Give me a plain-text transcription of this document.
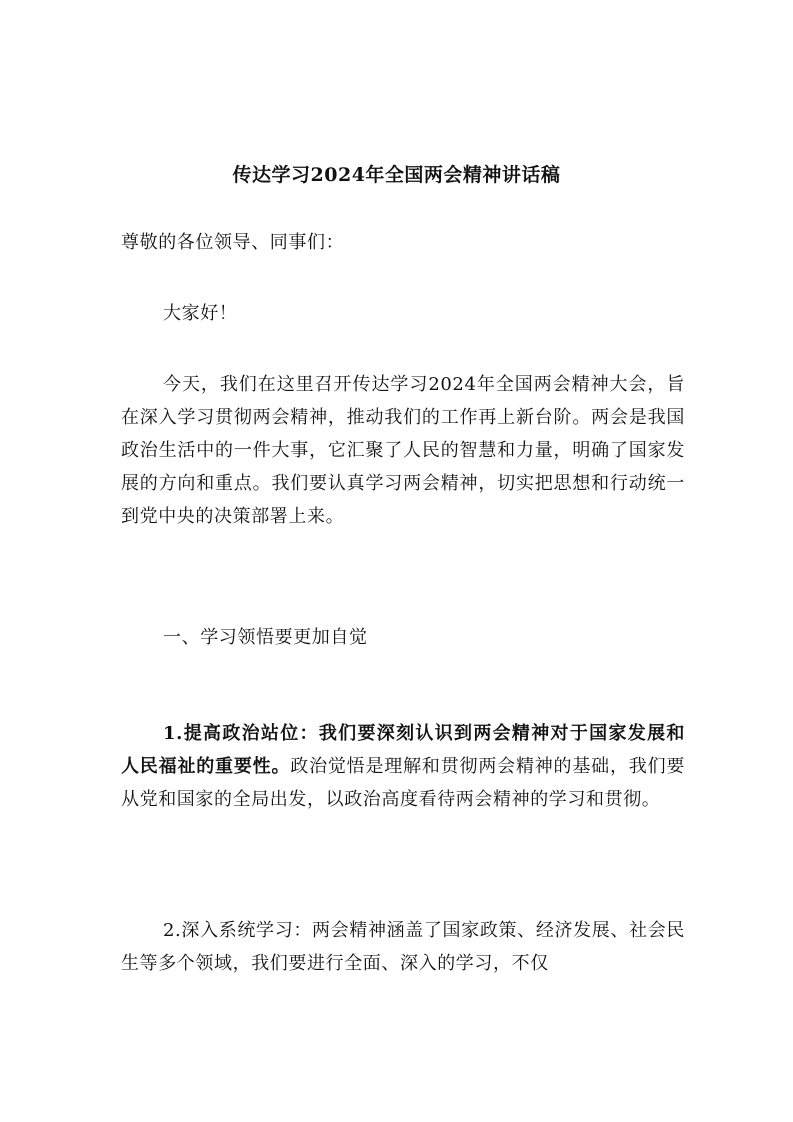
传达学习2024年全国两会精神讲话稿

尊敬的各位领导、同事们：

大家好！

今天，我们在这里召开传达学习2024年全国两会精神大会，旨在深入学习贯彻两会精神，推动我们的工作再上新台阶。两会是我国政治生活中的一件大事，它汇聚了人民的智慧和力量，明确了国家发展的方向和重点。我们要认真学习两会精神，切实把思想和行动统一到党中央的决策部署上来。

一、学习领悟要更加自觉

1.提高政治站位：我们要深刻认识到两会精神对于国家发展和人民福祉的重要性。政治觉悟是理解和贯彻两会精神的基础，我们要从党和国家的全局出发，以政治高度看待两会精神的学习和贯彻。

2.深入系统学习：两会精神涵盖了国家政策、经济发展、社会民生等多个领域，我们要进行全面、深入的学习，不仅
